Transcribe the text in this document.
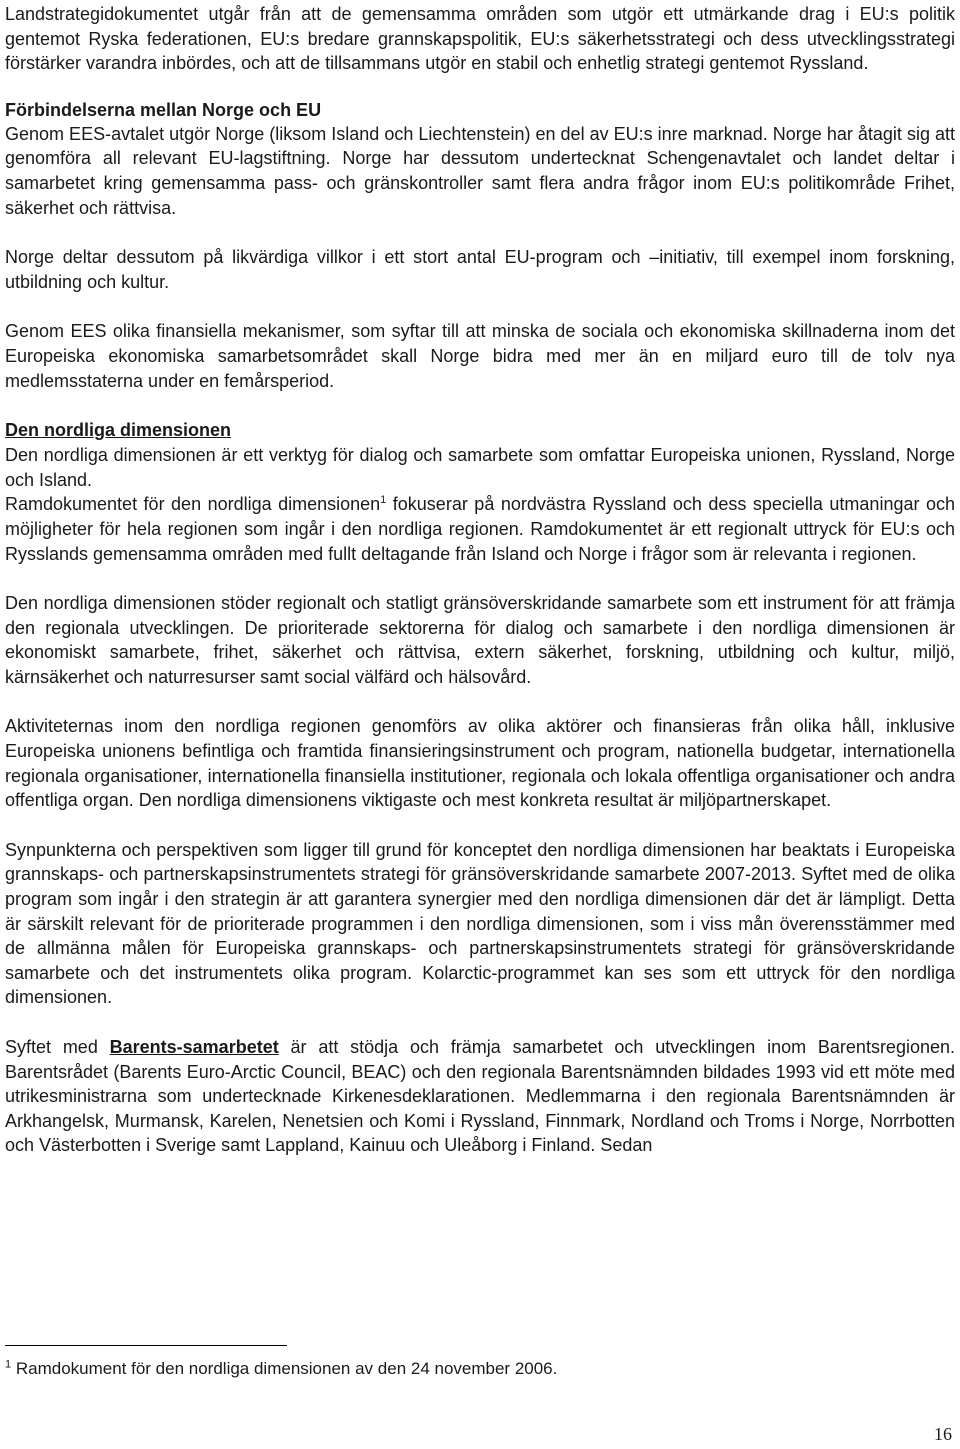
Landstrategidokumentet utgår från att de gemensamma områden som utgör ett utmärkande drag i EU:s politik gentemot Ryska federationen, EU:s bredare grannskapspolitik, EU:s säkerhetsstrategi och dess utvecklingsstrategi förstärker varandra inbördes, och att de tillsammans utgör en stabil och enhetlig strategi gentemot Ryssland.

Förbindelserna mellan Norge och EU

Genom EES-avtalet utgör Norge (liksom Island och Liechtenstein) en del av EU:s inre marknad. Norge har åtagit sig att genomföra all relevant EU-lagstiftning. Norge har dessutom undertecknat Schengenavtalet och landet deltar i samarbetet kring gemensamma pass- och gränskontroller samt flera andra frågor inom EU:s politikområde Frihet, säkerhet och rättvisa.

Norge deltar dessutom på likvärdiga villkor i ett stort antal EU-program och –initiativ, till exempel inom forskning, utbildning och kultur.

Genom EES olika finansiella mekanismer, som syftar till att minska de sociala och ekonomiska skillnaderna inom det Europeiska ekonomiska samarbetsområdet skall Norge bidra med mer än en miljard euro till de tolv nya medlemsstaterna under en femårsperiod.

Den nordliga dimensionen

Den nordliga dimensionen är ett verktyg för dialog och samarbete som omfattar Europeiska unionen, Ryssland, Norge och Island.

Ramdokumentet för den nordliga dimensionen$^1$ fokuserar på nordvästra Ryssland och dess speciella utmaningar och möjligheter för hela regionen som ingår i den nordliga regionen. Ramdokumentet är ett regionalt uttryck för EU:s och Rysslands gemensamma områden med fullt deltagande från Island och Norge i frågor som är relevanta i regionen.

Den nordliga dimensionen stöder regionalt och statligt gränsöverskridande samarbete som ett instrument för att främja den regionala utvecklingen. De prioriterade sektorerna för dialog och samarbete i den nordliga dimensionen är ekonomiskt samarbete, frihet, säkerhet och rättvisa, extern säkerhet, forskning, utbildning och kultur, miljö, kärnsäkerhet och naturresurser samt social välfärd och hälsovård.

Aktiviteternas inom den nordliga regionen genomförs av olika aktörer och finansieras från olika håll, inklusive Europeiska unionens befintliga och framtida finansieringsinstrument och program, nationella budgetar, internationella regionala organisationer, internationella finansiella institutioner, regionala och lokala offentliga organisationer och andra offentliga organ. Den nordliga dimensionens viktigaste och mest konkreta resultat är miljöpartnerskapet.

Synpunkterna och perspektiven som ligger till grund för konceptet den nordliga dimensionen har beaktats i Europeiska grannskaps- och partnerskapsinstrumentets strategi för gränsöverskridande samarbete 2007-2013. Syftet med de olika program som ingår i den strategin är att garantera synergier med den nordliga dimensionen där det är lämpligt. Detta är särskilt relevant för de prioriterade programmen i den nordliga dimensionen, som i viss mån överensstämmer med de allmänna målen för Europeiska grannskaps- och partnerskapsinstrumentets strategi för gränsöverskridande samarbete och det instrumentets olika program. Kolarctic-programmet kan ses som ett uttryck för den nordliga dimensionen.

Syftet med Barents-samarbetet är att stödja och främja samarbetet och utvecklingen inom Barentsregionen. Barentsrådet (Barents Euro-Arctic Council, BEAC) och den regionala Barentsnämnden bildades 1993 vid ett möte med utrikesministrarna som undertecknade Kirkenesdeklarationen. Medlemmarna i den regionala Barentsnämnden är Arkhangelsk, Murmansk, Karelen, Nenetsien och Komi i Ryssland, Finnmark, Nordland och Troms i Norge, Norrbotten och Västerbotten i Sverige samt Lappland, Kainuu och Uleåborg i Finland. Sedan

$^1$ Ramdokument för den nordliga dimensionen av den 24 november 2006.
16
